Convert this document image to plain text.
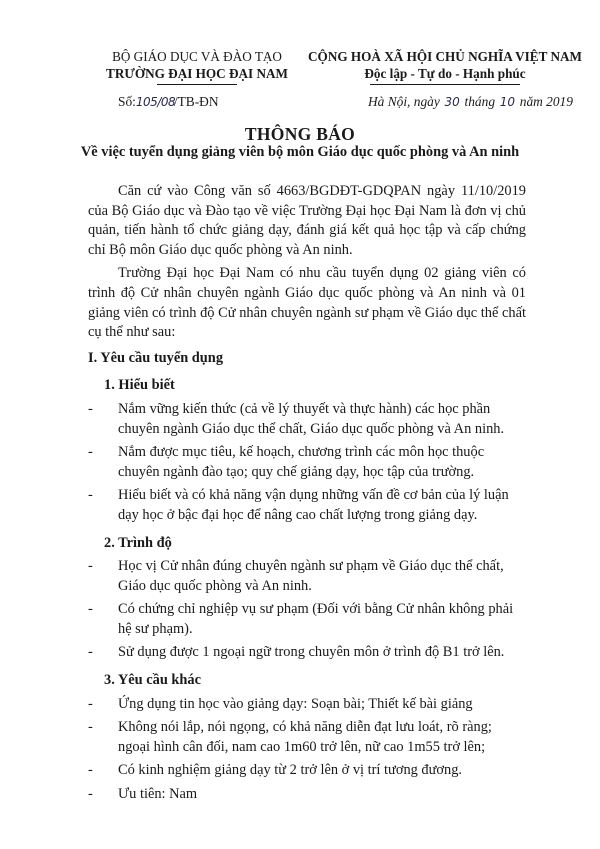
BỘ GIÁO DỤC VÀ ĐÀO TẠO
TRƯỜNG ĐẠI HỌC ĐẠI NAM
CỘNG HOÀ XÃ HỘI CHỦ NGHĨA VIỆT NAM
Độc lập - Tự do - Hạnh phúc
Số:105/08/TB-ĐN	Hà Nội, ngày 30 tháng 10 năm 2019
THÔNG BÁO
Về việc tuyển dụng giảng viên bộ môn Giáo dục quốc phòng và An ninh

Căn cứ vào Công văn số 4663/BGDĐT-GDQPAN ngày 11/10/2019 của Bộ Giáo dục và Đào tạo về việc Trường Đại học Đại Nam là đơn vị chủ quản, tiến hành tổ chức giảng dạy, đánh giá kết quả học tập và cấp chứng chỉ Bộ môn Giáo dục quốc phòng và An ninh.

Trường Đại học Đại Nam có nhu cầu tuyển dụng 02 giảng viên có trình độ Cử nhân chuyên ngành Giáo dục quốc phòng và An ninh và 01 giảng viên có trình độ Cử nhân chuyên ngành sư phạm về Giáo dục thể chất cụ thể như sau:

I. Yêu cầu tuyển dụng
1. Hiểu biết
- Nắm vững kiến thức (cả về lý thuyết và thực hành) các học phần chuyên ngành Giáo dục thể chất, Giáo dục quốc phòng và An ninh.
- Nắm được mục tiêu, kế hoạch, chương trình các môn học thuộc chuyên ngành đào tạo; quy chế giảng dạy, học tập của trường.
- Hiểu biết và có khả năng vận dụng những vấn đề cơ bản của lý luận dạy học ở bậc đại học để nâng cao chất lượng trong giảng dạy.
2. Trình độ
- Học vị Cử nhân đúng chuyên ngành sư phạm về Giáo dục thể chất, Giáo dục quốc phòng và An ninh.
- Có chứng chỉ nghiệp vụ sư phạm (Đối với bằng Cử nhân không phải hệ sư phạm).
- Sử dụng được 1 ngoại ngữ trong chuyên môn ở trình độ B1 trở lên.
3. Yêu cầu khác
- Ứng dụng tin học vào giảng dạy: Soạn bài; Thiết kế bài giảng
- Không nói lắp, nói ngọng, có khả năng diễn đạt lưu loát, rõ ràng; ngoại hình cân đối, nam cao 1m60 trở lên, nữ cao 1m55 trở lên;
- Có kinh nghiệm giảng dạy từ 2 trở lên ở vị trí tương đương.
- Ưu tiên: Nam
